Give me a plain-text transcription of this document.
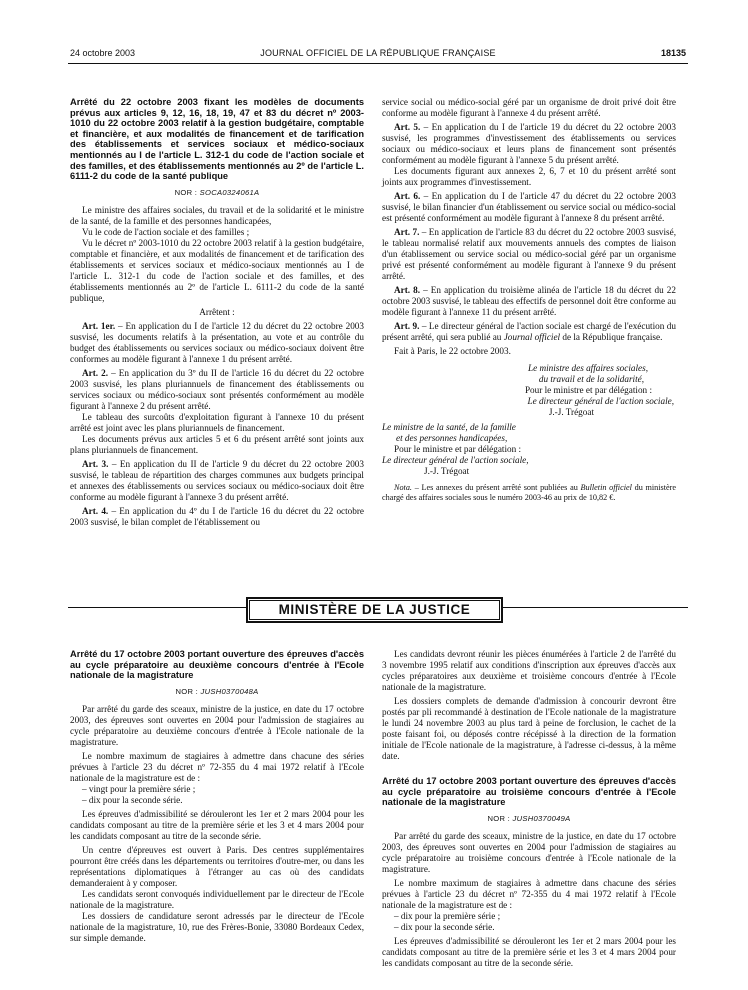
24 octobre 2003	JOURNAL OFFICIEL DE LA RÉPUBLIQUE FRANÇAISE	18135
Arrêté du 22 octobre 2003 fixant les modèles de documents prévus aux articles 9, 12, 16, 18, 19, 47 et 83 du décret nº 2003-1010 du 22 octobre 2003 relatif à la gestion budgétaire, comptable et financière, et aux modalités de financement et de tarification des établissements et services sociaux et médico-sociaux mentionnés au I de l'article L. 312-1 du code de l'action sociale et des familles, et des établissements mentionnés au 2º de l'article L. 6111-2 du code de la santé publique
NOR : SOCA0324061A

Le ministre des affaires sociales, du travail et de la solidarité et le ministre de la santé, de la famille et des personnes handicapées,

Vu le code de l'action sociale et des familles ;

Vu le décret nº 2003-1010 du 22 octobre 2003 relatif à la gestion budgétaire, comptable et financière, et aux modalités de financement et de tarification des établissements et services sociaux et médico-sociaux mentionnés au I de l'article L. 312-1 du code de l'action sociale et des familles, et des établissements mentionnés au 2º de l'article L. 6111-2 du code de la santé publique,

Arrêtent :

Art. 1er. – En application du I de l'article 12 du décret du 22 octobre 2003 susvisé, les documents relatifs à la présentation, au vote et au contrôle du budget des établissements ou services sociaux ou médico-sociaux doivent être conformes au modèle figurant à l'annexe 1 du présent arrêté.

Art. 2. – En application du 3º du II de l'article 16 du décret du 22 octobre 2003 susvisé, les plans pluriannuels de financement des établissements ou services sociaux ou médico-sociaux sont présentés conformément au modèle figurant à l'annexe 2 du présent arrêté.

Le tableau des surcoûts d'exploitation figurant à l'annexe 10 du présent arrêté est joint avec les plans pluriannuels de financement.

Les documents prévus aux articles 5 et 6 du présent arrêté sont joints aux plans pluriannuels de financement.

Art. 3. – En application du II de l'article 9 du décret du 22 octobre 2003 susvisé, le tableau de répartition des charges communes aux budgets principal et annexes des établissements ou services sociaux ou médico-sociaux doit être conforme au modèle figurant à l'annexe 3 du présent arrêté.

Art. 4. – En application du 4º du I de l'article 16 du décret du 22 octobre 2003 susvisé, le bilan complet de l'établissement ou

service social ou médico-social géré par un organisme de droit privé doit être conforme au modèle figurant à l'annexe 4 du présent arrêté.

Art. 5. – En application du I de l'article 19 du décret du 22 octobre 2003 susvisé, les programmes d'investissement des établissements ou services sociaux ou médico-sociaux et leurs plans de financement sont présentés conformément au modèle figurant à l'annexe 5 du présent arrêté.

Les documents figurant aux annexes 2, 6, 7 et 10 du présent arrêté sont joints aux programmes d'investissement.

Art. 6. – En application du I de l'article 47 du décret du 22 octobre 2003 susvisé, le bilan financier d'un établissement ou service social ou médico-social est présenté conformément au modèle figurant à l'annexe 8 du présent arrêté.

Art. 7. – En application de l'article 83 du décret du 22 octobre 2003 susvisé, le tableau normalisé relatif aux mouvements annuels des comptes de liaison d'un établissement ou service social ou médico-social géré par un organisme privé est présenté conformément au modèle figurant à l'annexe 9 du présent arrêté.

Art. 8. – En application du troisième alinéa de l'article 18 du décret du 22 octobre 2003 susvisé, le tableau des effectifs de personnel doit être conforme au modèle figurant à l'annexe 11 du présent arrêté.

Art. 9. – Le directeur général de l'action sociale est chargé de l'exécution du présent arrêté, qui sera publié au Journal officiel de la République française.

Fait à Paris, le 22 octobre 2003.

Le ministre des affaires sociales,
du travail et de la solidarité,
Pour le ministre et par délégation :
Le directeur général de l'action sociale,
J.-J. Trégoat
Le ministre de la santé, de la famille
et des personnes handicapées,
Pour le ministre et par délégation :
Le directeur général de l'action sociale,
J.-J. Trégoat

Nota. – Les annexes du présent arrêté sont publiées au Bulletin officiel du ministère chargé des affaires sociales sous le numéro 2003-46 au prix de 10,82 €.

MINISTÈRE DE LA JUSTICE
Arrêté du 17 octobre 2003 portant ouverture des épreuves d'accès au cycle préparatoire au deuxième concours d'entrée à l'Ecole nationale de la magistrature
NOR : JUSH0370048A

Par arrêté du garde des sceaux, ministre de la justice, en date du 17 octobre 2003, des épreuves sont ouvertes en 2004 pour l'admission de stagiaires au cycle préparatoire au deuxième concours d'entrée à l'Ecole nationale de la magistrature.

Le nombre maximum de stagiaires à admettre dans chacune des séries prévues à l'article 23 du décret nº 72-355 du 4 mai 1972 relatif à l'Ecole nationale de la magistrature est de :

– vingt pour la première série ;

– dix pour la seconde série.

Les épreuves d'admissibilité se dérouleront les 1er et 2 mars 2004 pour les candidats composant au titre de la première série et les 3 et 4 mars 2004 pour les candidats composant au titre de la seconde série.

Un centre d'épreuves est ouvert à Paris. Des centres supplémentaires pourront être créés dans les départements ou territoires d'outre-mer, ou dans les représentations diplomatiques à l'étranger au cas où des candidats demanderaient à y composer.

Les candidats seront convoqués individuellement par le directeur de l'Ecole nationale de la magistrature.

Les dossiers de candidature seront adressés par le directeur de l'Ecole nationale de la magistrature, 10, rue des Frères-Bonie, 33080 Bordeaux Cedex, sur simple demande.

Les candidats devront réunir les pièces énumérées à l'article 2 de l'arrêté du 3 novembre 1995 relatif aux conditions d'inscription aux épreuves d'accès aux cycles préparatoires aux deuxième et troisième concours d'entrée à l'Ecole nationale de la magistrature.

Les dossiers complets de demande d'admission à concourir devront être postés par pli recommandé à destination de l'Ecole nationale de la magistrature le lundi 24 novembre 2003 au plus tard à peine de forclusion, le cachet de la poste faisant foi, ou déposés contre récépissé à la direction de la formation initiale de l'Ecole nationale de la magistrature, à l'adresse ci-dessus, à la même date.

Arrêté du 17 octobre 2003 portant ouverture des épreuves d'accès au cycle préparatoire au troisième concours d'entrée à l'Ecole nationale de la magistrature
NOR : JUSH0370049A

Par arrêté du garde des sceaux, ministre de la justice, en date du 17 octobre 2003, des épreuves sont ouvertes en 2004 pour l'admission de stagiaires au cycle préparatoire au troisième concours d'entrée à l'Ecole nationale de la magistrature.

Le nombre maximum de stagiaires à admettre dans chacune des séries prévues à l'article 23 du décret nº 72-355 du 4 mai 1972 relatif à l'Ecole nationale de la magistrature est de :

– dix pour la première série ;

– dix pour la seconde série.

Les épreuves d'admissibilité se dérouleront les 1er et 2 mars 2004 pour les candidats composant au titre de la première série et les 3 et 4 mars 2004 pour les candidats composant au titre de la seconde série.
